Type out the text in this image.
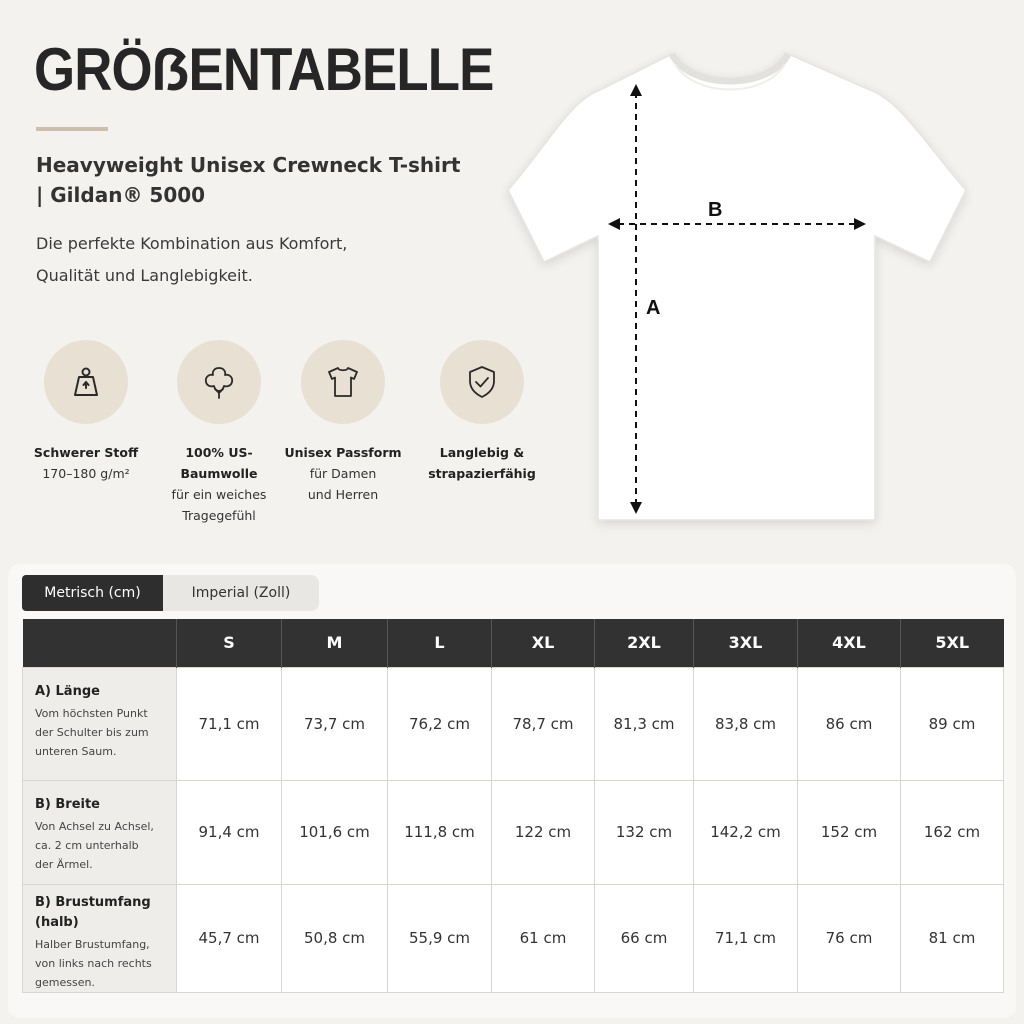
GRÖẞENTABELLE
Heavyweight Unisex Crewneck T-shirt
| Gildan® 5000
Die perfekte Kombination aus Komfort,
Qualität und Langlebigkeit.
Schwerer Stoff
170–180 g/m²
100% US-Baumwolle
für ein weiches
Tragegefühl
Unisex Passform
für Damen
und Herren
Langlebig &
strapazierfähig
A
B
Metrisch (cm)	Imperial (Zoll)
	S	M	L	XL	2XL	3XL	4XL	5XL

A) Länge
Vom höchsten Punkt
der Schulter bis zum
unteren Saum.	71,1 cm	73,7 cm	76,2 cm	78,7 cm	81,3 cm	83,8 cm	86 cm	89 cm

B) Breite
Von Achsel zu Achsel,
ca. 2 cm unterhalb
der Ärmel.	91,4 cm	101,6 cm	111,8 cm	122 cm	132 cm	142,2 cm	152 cm	162 cm

B) Brustumfang
(halb)
Halber Brustumfang,
von links nach rechts
gemessen.	45,7 cm	50,8 cm	55,9 cm	61 cm	66 cm	71,1 cm	76 cm	81 cm
